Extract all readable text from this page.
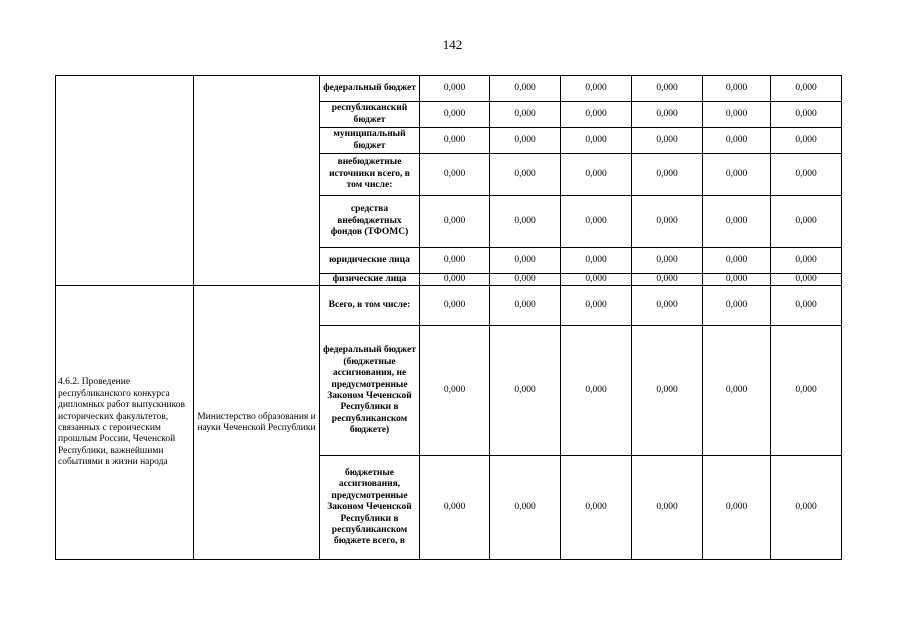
142
		федеральный бюджет	0,000	0,000	0,000	0,000	0,000	0,000
		республиканский бюджет	0,000	0,000	0,000	0,000	0,000	0,000
		муниципальный бюджет	0,000	0,000	0,000	0,000	0,000	0,000
		внебюджетные источники всего, в том числе:	0,000	0,000	0,000	0,000	0,000	0,000
		средства внебюджетных фондов (ТФОМС)	0,000	0,000	0,000	0,000	0,000	0,000
		юридические лица	0,000	0,000	0,000	0,000	0,000	0,000
		физические лица	0,000	0,000	0,000	0,000	0,000	0,000
4.6.2. Проведение республиканского конкурса дипломных работ выпускников исторических факультетов, связанных с героическим прошлым России, Чеченской Республики, важнейшими событиями в жизни народа	Министерство образования и науки Чеченской Республики	Всего, в том числе:	0,000	0,000	0,000	0,000	0,000	0,000
		федеральный бюджет (бюджетные ассигнования, не предусмотренные Законом Чеченской Республики в республиканском бюджете)	0,000	0,000	0,000	0,000	0,000	0,000
		бюджетные ассигнования, предусмотренные Законом Чеченской Республики в республиканском бюджете всего, в	0,000	0,000	0,000	0,000	0,000	0,000
